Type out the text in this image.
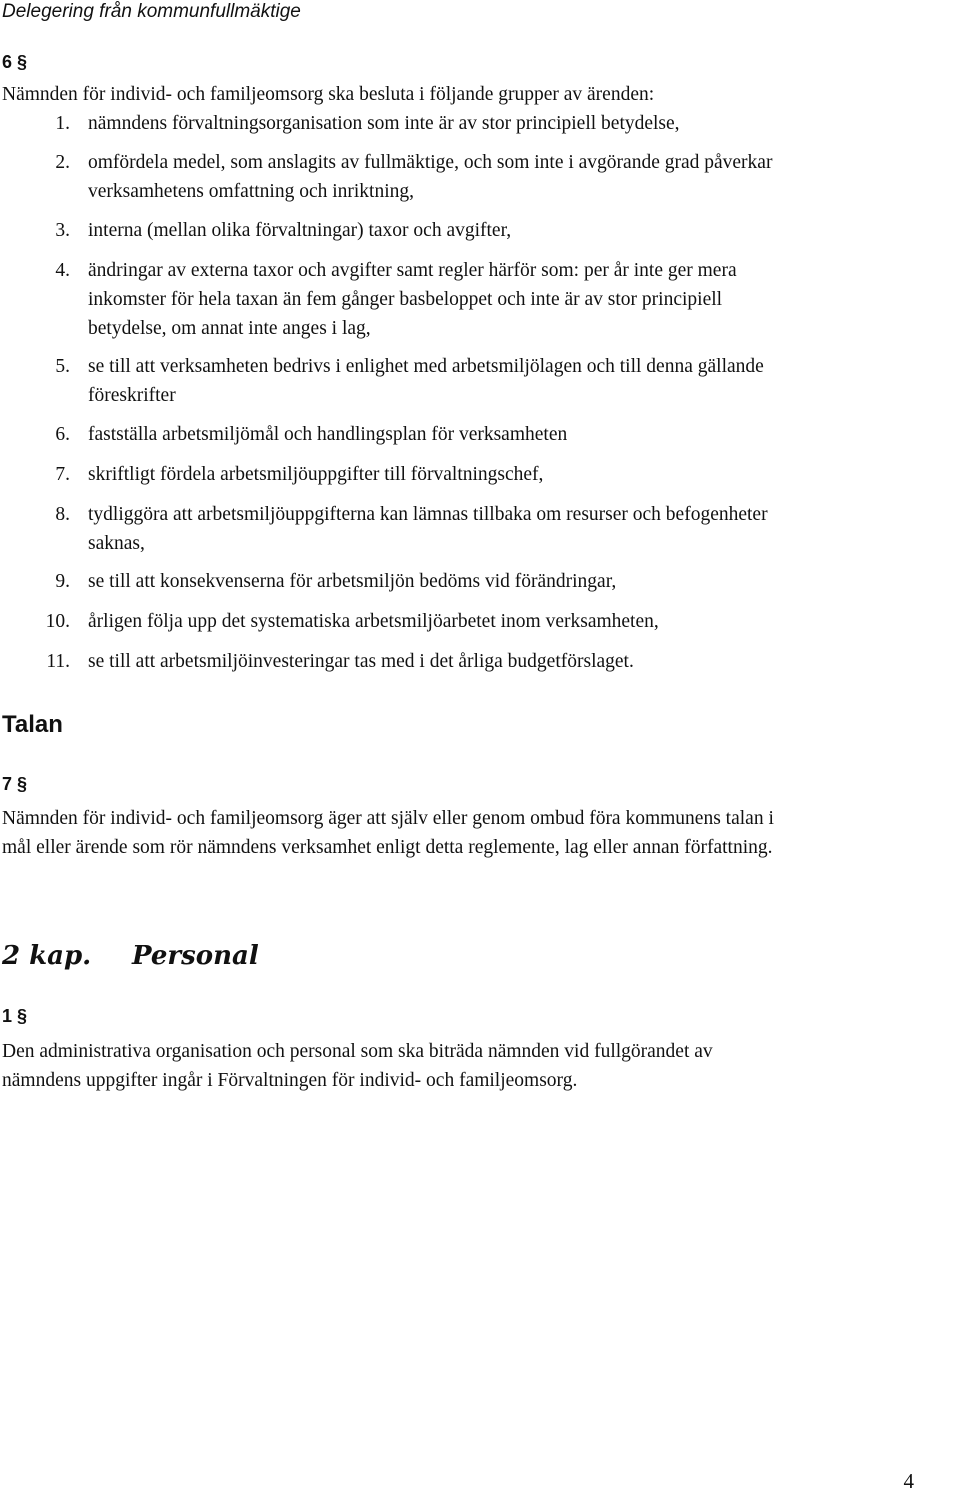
Delegering från kommunfullmäktige
6 §
Nämnden för individ- och familjeomsorg ska besluta i följande grupper av ärenden:
1. nämndens förvaltningsorganisation som inte är av stor principiell betydelse,
2. omfördela medel, som anslagits av fullmäktige, och som inte i avgörande grad påverkar
verksamhetens omfattning och inriktning,
3. interna (mellan olika förvaltningar) taxor och avgifter,
4. ändringar av externa taxor och avgifter samt regler härför som: per år inte ger mera
inkomster för hela taxan än fem gånger basbeloppet och inte är av stor principiell
betydelse, om annat inte anges i lag,
5. se till att verksamheten bedrivs i enlighet med arbetsmiljölagen och till denna gällande
föreskrifter
6. fastställa arbetsmiljömål och handlingsplan för verksamheten
7. skriftligt fördela arbetsmiljöuppgifter till förvaltningschef,
8. tydliggöra att arbetsmiljöuppgifterna kan lämnas tillbaka om resurser och befogenheter
saknas,
9. se till att konsekvenserna för arbetsmiljön bedöms vid förändringar,
10. årligen följa upp det systematiska arbetsmiljöarbetet inom verksamheten,
11. se till att arbetsmiljöinvesteringar tas med i det årliga budgetförslaget.
Talan
7 §
Nämnden för individ- och familjeomsorg äger att själv eller genom ombud föra kommunens talan i
mål eller ärende som rör nämndens verksamhet enligt detta reglemente, lag eller annan författning.
2 kap. Personal
1 §
Den administrativa organisation och personal som ska biträda nämnden vid fullgörandet av
nämndens uppgifter ingår i Förvaltningen för individ- och familjeomsorg.
4
